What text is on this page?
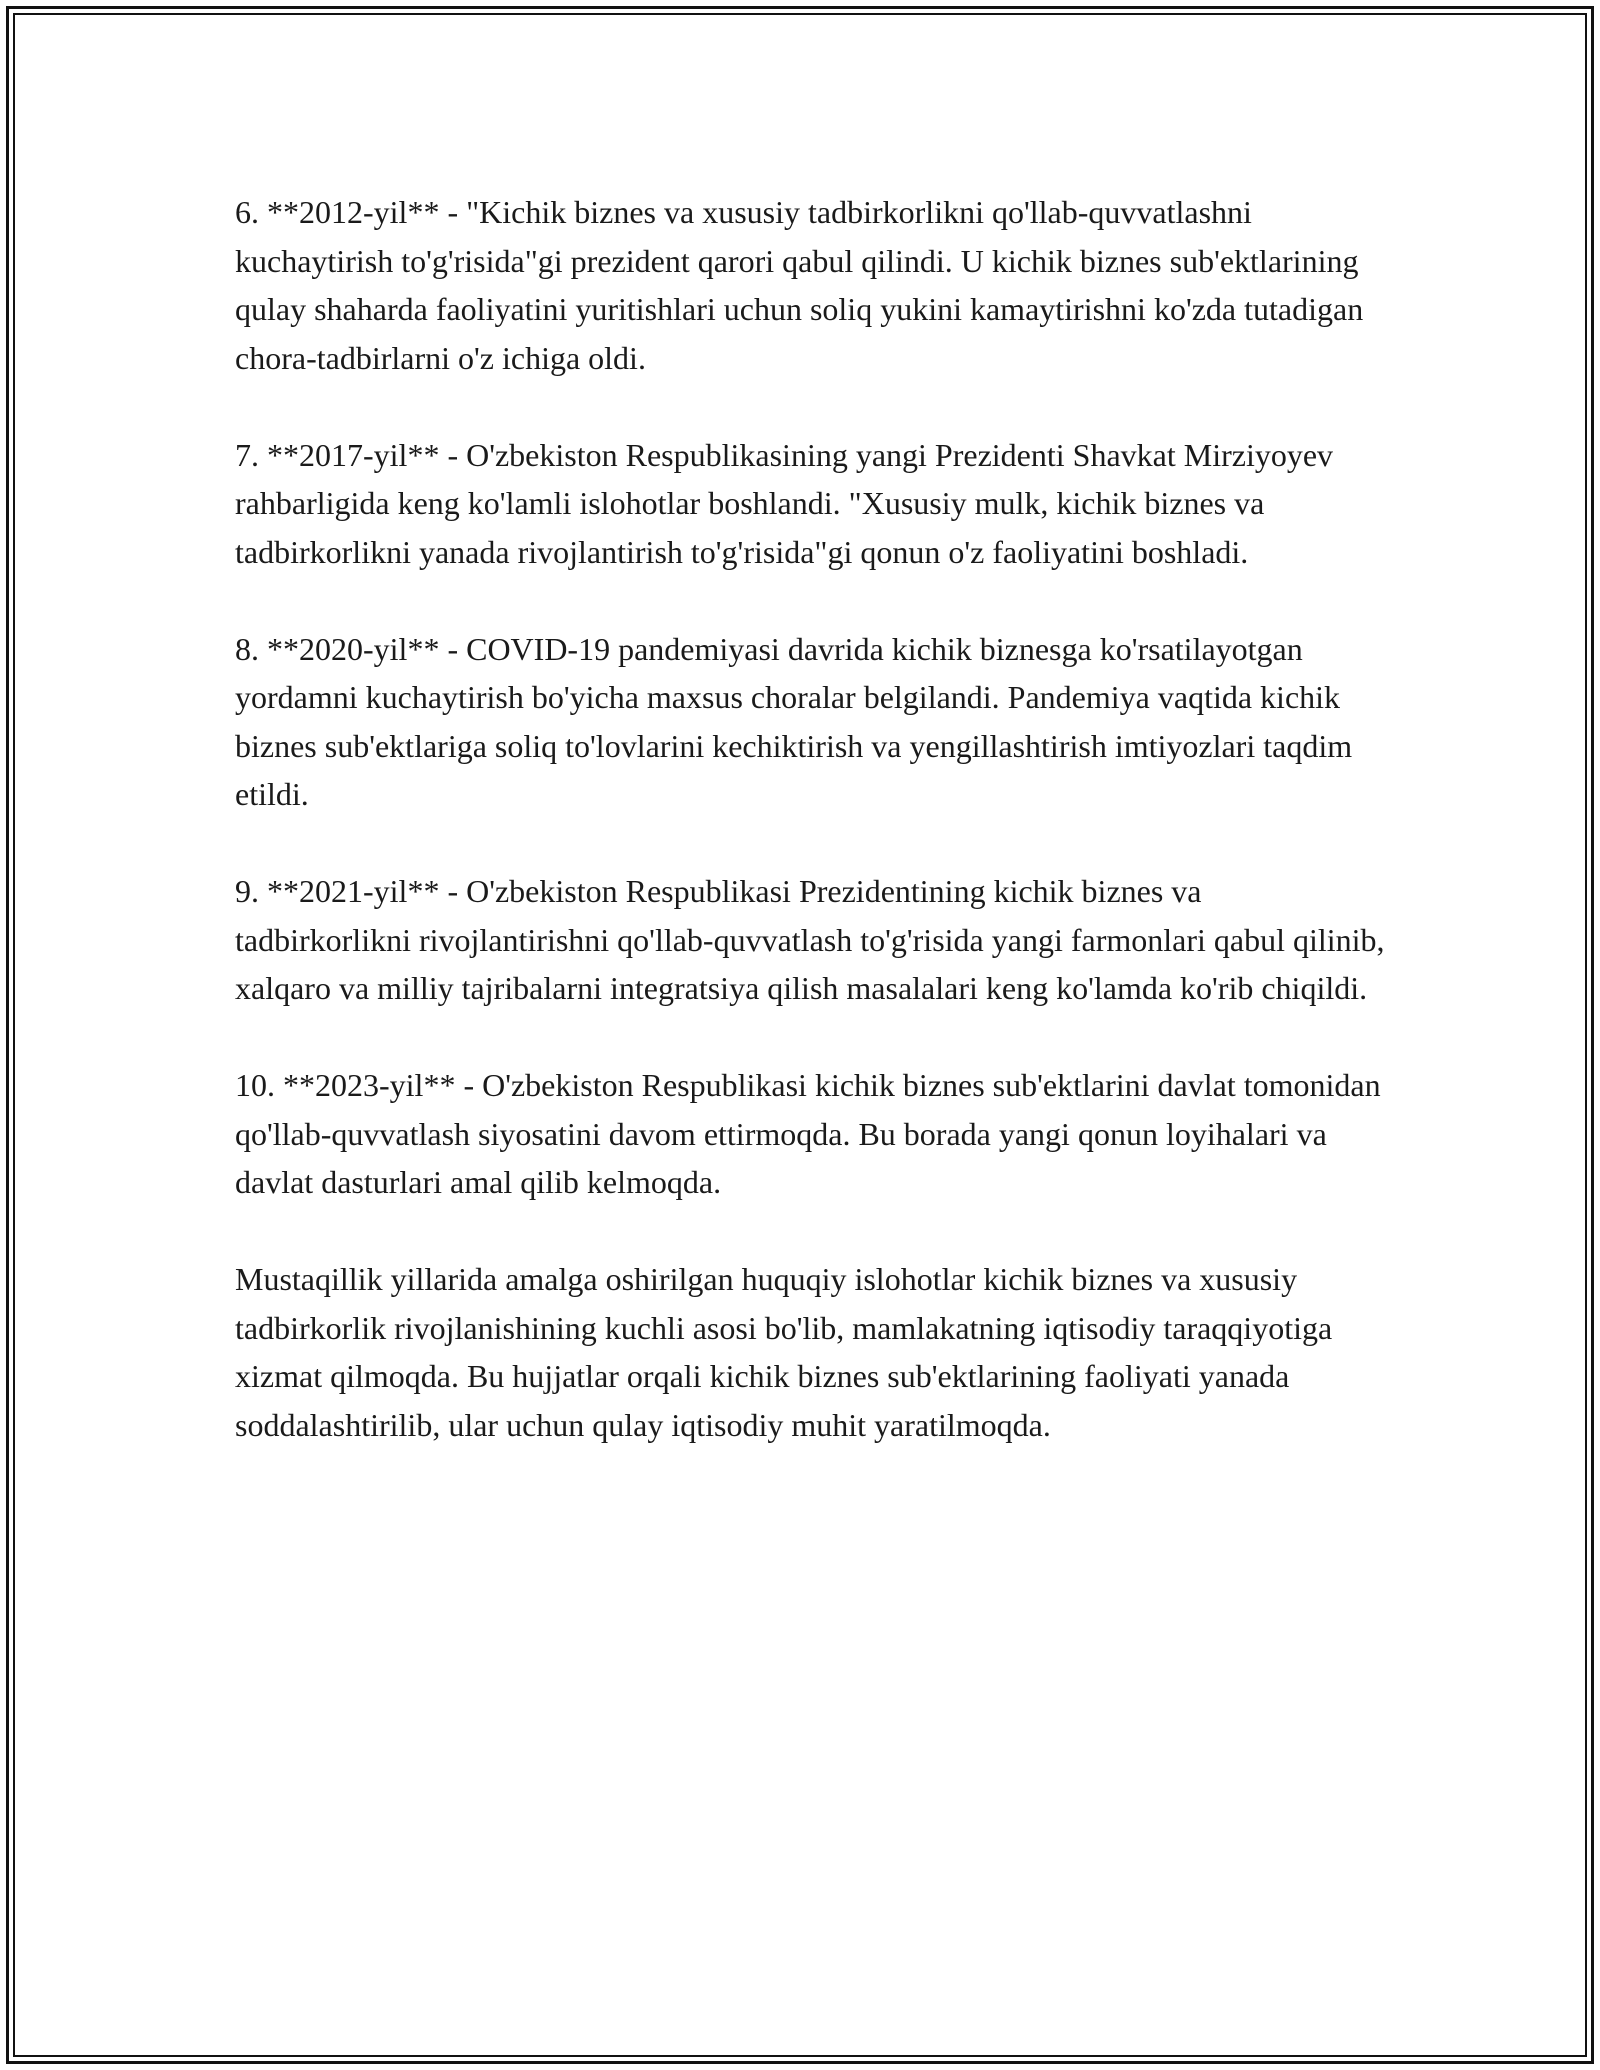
6. **2012-yil** - "Kichik biznes va xususiy tadbirkorlikni qo'llab-quvvatlashni kuchaytirish to'g'risida"gi prezident qarori qabul qilindi. U kichik biznes sub'ektlarining qulay shaharda faoliyatini yuritishlari uchun soliq yukini kamaytirishni ko'zda tutadigan chora-tadbirlarni o'z ichiga oldi.

7. **2017-yil** - O'zbekiston Respublikasining yangi Prezidenti Shavkat Mirziyoyev rahbarligida keng ko'lamli islohotlar boshlandi. "Xususiy mulk, kichik biznes va tadbirkorlikni yanada rivojlantirish to'g'risida"gi qonun o'z faoliyatini boshladi.

8. **2020-yil** - COVID-19 pandemiyasi davrida kichik biznesga ko'rsatilayotgan yordamni kuchaytirish bo'yicha maxsus choralar belgilandi. Pandemiya vaqtida kichik biznes sub'ektlariga soliq to'lovlarini kechiktirish va yengillashtirish imtiyozlari taqdim etildi.

9. **2021-yil** - O'zbekiston Respublikasi Prezidentining kichik biznes va tadbirkorlikni rivojlantirishni qo'llab-quvvatlash to'g'risida yangi farmonlari qabul qilinib, xalqaro va milliy tajribalarni integratsiya qilish masalalari keng ko'lamda ko'rib chiqildi.

10. **2023-yil** - O'zbekiston Respublikasi kichik biznes sub'ektlarini davlat tomonidan qo'llab-quvvatlash siyosatini davom ettirmoqda. Bu borada yangi qonun loyihalari va davlat dasturlari amal qilib kelmoqda.

Mustaqillik yillarida amalga oshirilgan huquqiy islohotlar kichik biznes va xususiy tadbirkorlik rivojlanishining kuchli asosi bo'lib, mamlakatning iqtisodiy taraqqiyotiga xizmat qilmoqda. Bu hujjatlar orqali kichik biznes sub'ektlarining faoliyati yanada soddalashtirilib, ular uchun qulay iqtisodiy muhit yaratilmoqda.
